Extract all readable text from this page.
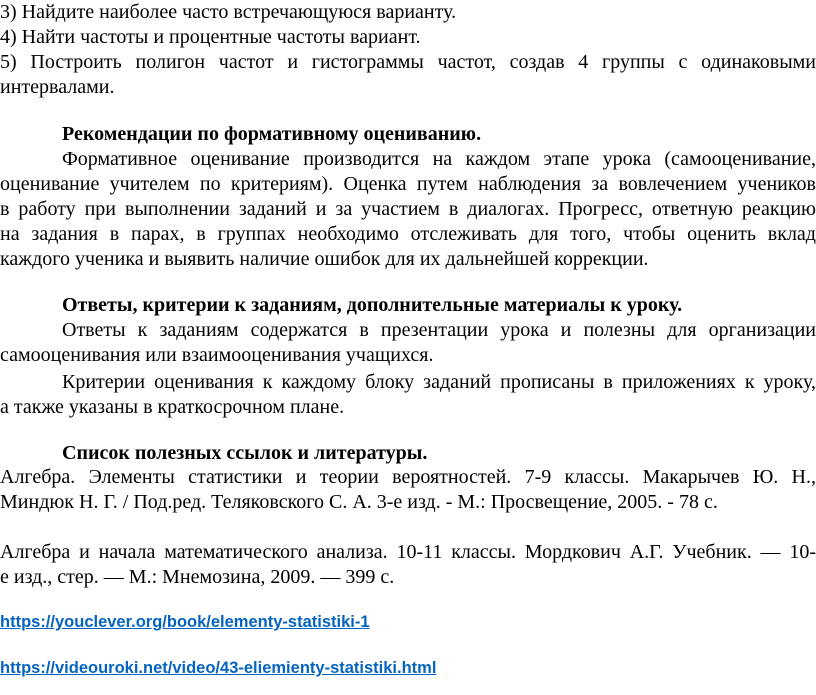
3) Найдите наиболее часто встречающуюся варианту.
4) Найти частоты и процентные частоты вариант.
5) Построить полигон частот и гистограммы частот, создав 4 группы с одинаковыми
интервалами.
Рекомендации по формативному оцениванию.
Формативное оценивание производится на каждом этапе урока (самооценивание,
оценивание учителем по критериям). Оценка путем наблюдения за вовлечением учеников
в работу при выполнении заданий и за участием в диалогах. Прогресс, ответную реакцию
на задания в парах, в группах необходимо отслеживать для того, чтобы оценить вклад
каждого ученика и выявить наличие ошибок для их дальнейшей коррекции.
Ответы, критерии к заданиям, дополнительные материалы к уроку.
Ответы к заданиям содержатся в презентации урока и полезны для организации
самооценивания или взаимооценивания учащихся.
Критерии оценивания к каждому блоку заданий прописаны в приложениях к уроку,
а также указаны в краткосрочном плане.
Список полезных ссылок и литературы.
Алгебра. Элементы статистики и теории вероятностей. 7-9 классы. Макарычев Ю. Н.,
Миндюк Н. Г. / Под.ред. Теляковского С. А. 3-е изд. - М.: Просвещение, 2005. - 78 с.
Алгебра и начала математического анализа. 10-11 классы. Мордкович А.Г. Учебник. — 10-
е изд., стер. — М.: Мнемозина, 2009. — 399 с.
https://youclever.org/book/elementy-statistiki-1
https://videouroki.net/video/43-eliemienty-statistiki.html
